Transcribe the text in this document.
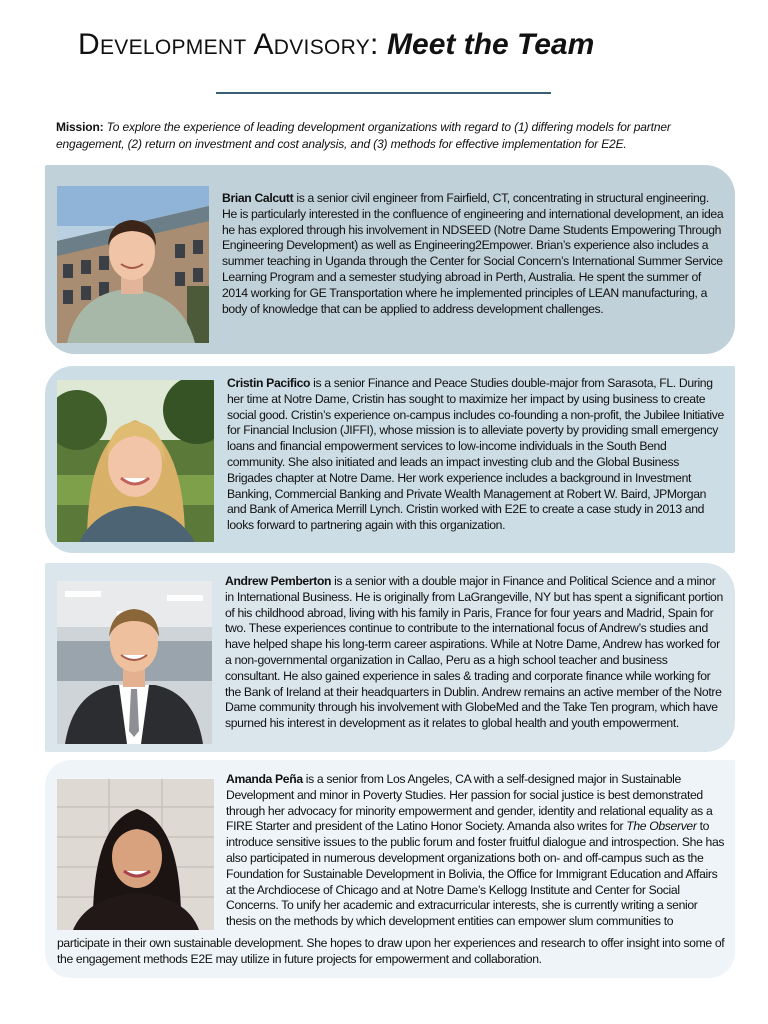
Development Advisory: Meet the Team

Mission: To explore the experience of leading development organizations with regard to (1) differing models for partner engagement, (2) return on investment and cost analysis, and (3) methods for effective implementation for E2E.

Brian Calcutt is a senior civil engineer from Fairfield, CT, concentrating in structural engineering. He is particularly interested in the confluence of engineering and international development, an idea he has explored through his involvement in NDSEED (Notre Dame Students Empowering Through Engineering Development) as well as Engineering2Empower. Brian’s experience also includes a summer teaching in Uganda through the Center for Social Concern’s International Summer Service Learning Program and a semester studying abroad in Perth, Australia. He spent the summer of 2014 working for GE Transportation where he implemented principles of LEAN manufacturing, a body of knowledge that can be applied to address development challenges.

Cristin Pacifico is a senior Finance and Peace Studies double-major from Sarasota, FL. During her time at Notre Dame, Cristin has sought to maximize her impact by using business to create social good. Cristin’s experience on-campus includes co-founding a non-profit, the Jubilee Initiative for Financial Inclusion (JIFFI), whose mission is to alleviate poverty by providing small emergency loans and financial empowerment services to low-income individuals in the South Bend community. She also initiated and leads an impact investing club and the Global Business Brigades chapter at Notre Dame. Her work experience includes a background in Investment Banking, Commercial Banking and Private Wealth Management at Robert W. Baird, JPMorgan and Bank of America Merrill Lynch. Cristin worked with E2E to create a case study in 2013 and looks forward to partnering again with this organization.

Andrew Pemberton is a senior with a double major in Finance and Political Science and a minor in International Business. He is originally from LaGrangeville, NY but has spent a significant portion of his childhood abroad, living with his family in Paris, France for four years and Madrid, Spain for two. These experiences continue to contribute to the international focus of Andrew’s studies and have helped shape his long-term career aspirations. While at Notre Dame, Andrew has worked for a non-governmental organization in Callao, Peru as a high school teacher and business consultant. He also gained experience in sales & trading and corporate finance while working for the Bank of Ireland at their headquarters in Dublin. Andrew remains an active member of the Notre Dame community through his involvement with GlobeMed and the Take Ten program, which have spurned his interest in development as it relates to global health and youth empowerment.

Amanda Peña is a senior from Los Angeles, CA with a self-designed major in Sustainable Development and minor in Poverty Studies. Her passion for social justice is best demonstrated through her advocacy for minority empowerment and gender, identity and relational equality as a FIRE Starter and president of the Latino Honor Society. Amanda also writes for The Observer to introduce sensitive issues to the public forum and foster fruitful dialogue and introspection. She has also participated in numerous development organizations both on- and off-campus such as the Foundation for Sustainable Development in Bolivia, the Office for Immigrant Education and Affairs at the Archdiocese of Chicago and at Notre Dame’s Kellogg Institute and Center for Social Concerns. To unify her academic and extracurricular interests, she is currently writing a senior thesis on the methods by which development entities can empower slum communities to

participate in their own sustainable development. She hopes to draw upon her experiences and research to offer insight into some of the engagement methods E2E may utilize in future projects for empowerment and collaboration.
